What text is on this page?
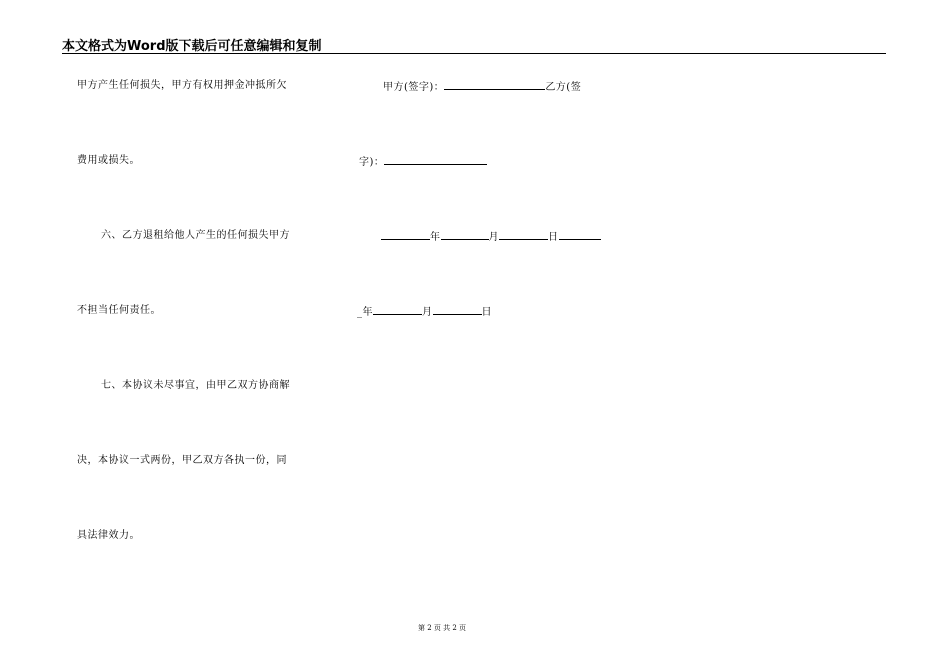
本文格式为Word版下载后可任意编辑和复制
甲方产生任何损失，甲方有权用押金冲抵所欠
费用或损失。
六、乙方退租给他人产生的任何损失甲方
不担当任何责任。
七、本协议未尽事宜，由甲乙双方协商解
决，本协议一式两份，甲乙双方各执一份，同
具法律效力。
甲方(签字)：	乙方(签
字)：
年	月	日
_年	月	日
第 2 页 共 2 页
